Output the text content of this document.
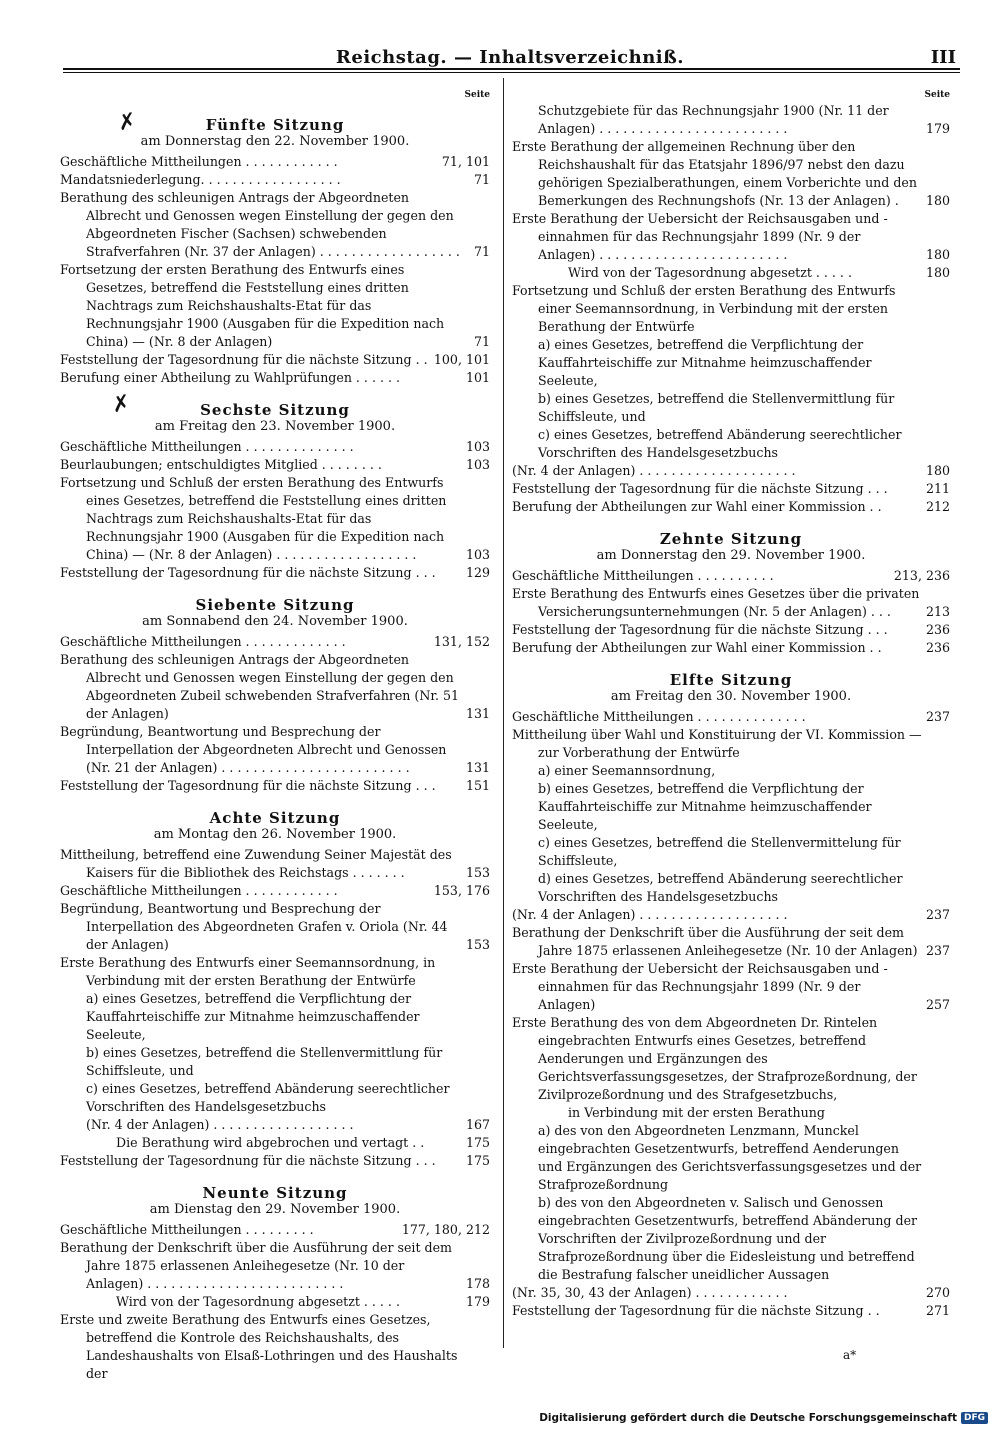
Reichstag. — Inhaltsverzeichniß.	III
Seite
Fünfte Sitzung
am Donnerstag den 22. November 1900.
Geschäftliche Mittheilungen . . . . . . . . . . . .	71, 101
Mandatsniederlegung. . . . . . . . . . . . . . . . . .	71
Berathung des schleunigen Antrags der Abgeordneten Albrecht und Genossen wegen Einstellung der gegen den Abgeordneten Fischer (Sachsen) schwebenden Strafverfahren (Nr. 37 der Anlagen) . . . . . . . . . . . . . . . . . .	71
Fortsetzung der ersten Berathung des Entwurfs eines Gesetzes, betreffend die Feststellung eines dritten Nachtrags zum Reichshaushalts-Etat für das Rechnungsjahr 1900 (Ausgaben für die Expedition nach China) — (Nr. 8 der Anlagen)	71
Feststellung der Tagesordnung für die nächste Sitzung . . 100, 101
Berufung einer Abtheilung zu Wahlprüfungen . . . . . .	101
Sechste Sitzung
am Freitag den 23. November 1900.
Geschäftliche Mittheilungen . . . . . . . . . . . . . .	103
Beurlaubungen; entschuldigtes Mitglied . . . . . . . .	103
Fortsetzung und Schluß der ersten Berathung des Entwurfs eines Gesetzes, betreffend die Feststellung eines dritten Nachtrags zum Reichshaushalts-Etat für das Rechnungsjahr 1900 (Ausgaben für die Expedition nach China) — (Nr. 8 der Anlagen) . . . . . . . . . . . . . . . . . .	103
Feststellung der Tagesordnung für die nächste Sitzung . . .	129
Siebente Sitzung
am Sonnabend den 24. November 1900.
Geschäftliche Mittheilungen . . . . . . . . . . . . .	131, 152
Berathung des schleunigen Antrags der Abgeordneten Albrecht und Genossen wegen Einstellung der gegen den Abgeordneten Zubeil schwebenden Strafverfahren (Nr. 51 der Anlagen)	131
Begründung, Beantwortung und Besprechung der Interpellation der Abgeordneten Albrecht und Genossen (Nr. 21 der Anlagen) . . . . . . . . . . . . . . . . . . . . . . . .	131
Feststellung der Tagesordnung für die nächste Sitzung . . .	151
Achte Sitzung
am Montag den 26. November 1900.
Mittheilung, betreffend eine Zuwendung Seiner Majestät des Kaisers für die Bibliothek des Reichstags . . . . . . .	153
Geschäftliche Mittheilungen . . . . . . . . . . . .	153, 176
Begründung, Beantwortung und Besprechung der Interpellation des Abgeordneten Grafen v. Oriola (Nr. 44 der Anlagen)	153
Erste Berathung des Entwurfs einer Seemannsordnung, in Verbindung mit der ersten Berathung der Entwürfe
a) eines Gesetzes, betreffend die Verpflichtung der Kauffahrteischiffe zur Mitnahme heimzuschaffender Seeleute,
b) eines Gesetzes, betreffend die Stellenvermittlung für Schiffsleute, und
c) eines Gesetzes, betreffend Abänderung seerechtlicher Vorschriften des Handelsgesetzbuchs
(Nr. 4 der Anlagen) . . . . . . . . . . . . . . . . . .	167
Die Berathung wird abgebrochen und vertagt . .	175
Feststellung der Tagesordnung für die nächste Sitzung . . .	175
Neunte Sitzung
am Dienstag den 29. November 1900.
Geschäftliche Mittheilungen . . . . . . . . .	177, 180, 212
Berathung der Denkschrift über die Ausführung der seit dem Jahre 1875 erlassenen Anleihegesetze (Nr. 10 der Anlagen) . . . . . . . . . . . . . . . . . . . . . . . . .	178
Wird von der Tagesordnung abgesetzt . . . . .	179
Erste und zweite Berathung des Entwurfs eines Gesetzes, betreffend die Kontrole des Reichshaushalts, des Landeshaushalts von Elsaß-Lothringen und des Haushalts der
Seite
Schutzgebiete für das Rechnungsjahr 1900 (Nr. 11 der Anlagen) . . . . . . . . . . . . . . . . . . . . . . . .	179
Erste Berathung der allgemeinen Rechnung über den Reichshaushalt für das Etatsjahr 1896/97 nebst den dazu gehörigen Spezialberathungen, einem Vorberichte und den Bemerkungen des Rechnungshofs (Nr. 13 der Anlagen) .	180
Erste Berathung der Uebersicht der Reichsausgaben und -einnahmen für das Rechnungsjahr 1899 (Nr. 9 der Anlagen) . . . . . . . . . . . . . . . . . . . . . . . .	180
Wird von der Tagesordnung abgesetzt . . . . .	180
Fortsetzung und Schluß der ersten Berathung des Entwurfs einer Seemannsordnung, in Verbindung mit der ersten Berathung der Entwürfe
a) eines Gesetzes, betreffend die Verpflichtung der Kauffahrteischiffe zur Mitnahme heimzuschaffender Seeleute,
b) eines Gesetzes, betreffend die Stellenvermittlung für Schiffsleute, und
c) eines Gesetzes, betreffend Abänderung seerechtlicher Vorschriften des Handelsgesetzbuchs
(Nr. 4 der Anlagen) . . . . . . . . . . . . . . . . . . . .	180
Feststellung der Tagesordnung für die nächste Sitzung . . .	211
Berufung der Abtheilungen zur Wahl einer Kommission . .	212
Zehnte Sitzung
am Donnerstag den 29. November 1900.
Geschäftliche Mittheilungen . . . . . . . . . .	213, 236
Erste Berathung des Entwurfs eines Gesetzes über die privaten Versicherungsunternehmungen (Nr. 5 der Anlagen) . . .	213
Feststellung der Tagesordnung für die nächste Sitzung . . .	236
Berufung der Abtheilungen zur Wahl einer Kommission . .	236
Elfte Sitzung
am Freitag den 30. November 1900.
Geschäftliche Mittheilungen . . . . . . . . . . . . . .	237
Mittheilung über Wahl und Konstituirung der VI. Kommission — zur Vorberathung der Entwürfe
a) einer Seemannsordnung,
b) eines Gesetzes, betreffend die Verpflichtung der Kauffahrteischiffe zur Mitnahme heimzuschaffender Seeleute,
c) eines Gesetzes, betreffend die Stellenvermittelung für Schiffsleute,
d) eines Gesetzes, betreffend Abänderung seerechtlicher Vorschriften des Handelsgesetzbuchs
(Nr. 4 der Anlagen) . . . . . . . . . . . . . . . . . . .	237
Berathung der Denkschrift über die Ausführung der seit dem Jahre 1875 erlassenen Anleihegesetze (Nr. 10 der Anlagen) 237
Erste Berathung der Uebersicht der Reichsausgaben und -einnahmen für das Rechnungsjahr 1899 (Nr. 9 der Anlagen)	257
Erste Berathung des von dem Abgeordneten Dr. Rintelen eingebrachten Entwurfs eines Gesetzes, betreffend Aenderungen und Ergänzungen des Gerichtsverfassungsgesetzes, der Strafprozeßordnung, der Zivilprozeßordnung und des Strafgesetzbuchs,
in Verbindung mit der ersten Berathung
a) des von den Abgeordneten Lenzmann, Munckel eingebrachten Gesetzentwurfs, betreffend Aenderungen und Ergänzungen des Gerichtsverfassungsgesetzes und der Strafprozeßordnung
b) des von den Abgeordneten v. Salisch und Genossen eingebrachten Gesetzentwurfs, betreffend Abänderung der Vorschriften der Zivilprozeßordnung und der Strafprozeßordnung über die Eidesleistung und betreffend die Bestrafung falscher uneidlicher Aussagen
(Nr. 35, 30, 43 der Anlagen) . . . . . . . . . . . .	270
Feststellung der Tagesordnung für die nächste Sitzung . .	271
✗
✗
a*
Digitalisierung gefördert durch die Deutsche Forschungsgemeinschaft DFG
